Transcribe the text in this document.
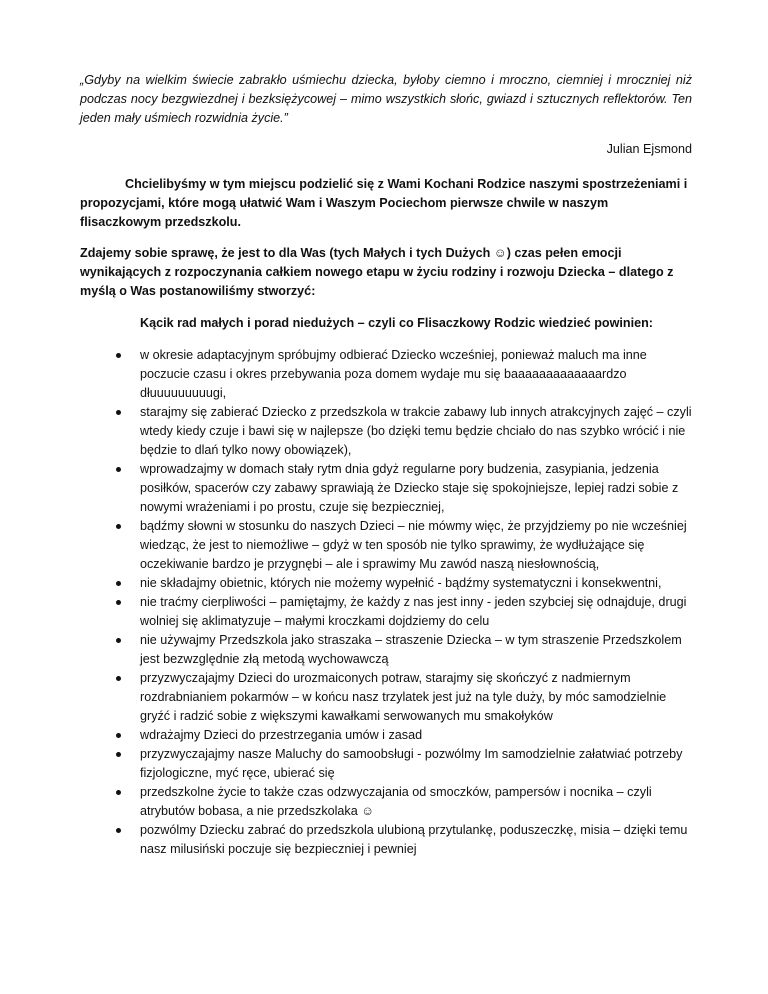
„Gdyby na wielkim świecie zabrakło uśmiechu dziecka, byłoby ciemno i mroczno, ciemniej i mroczniej niż podczas nocy bezgwiezdnej i bezksiężycowej – mimo wszystkich słońc, gwiazd i sztucznych reflektorów. Ten jeden mały uśmiech rozwidnia życie.”

Julian Ejsmond

Chcielibyśmy w tym miejscu podzielić się z Wami Kochani Rodzice naszymi spostrzeżeniami i propozycjami, które mogą ułatwić Wam i Waszym Pociechom pierwsze chwile w naszym flisaczkowym przedszkolu.

Zdajemy sobie sprawę, że jest to dla Was (tych Małych i tych Dużych ☺) czas pełen emocji wynikających z rozpoczynania całkiem nowego etapu w życiu rodziny i rozwoju Dziecka – dlatego z myślą o Was postanowiliśmy stworzyć:

Kącik rad małych i porad niedużych – czyli co Flisaczkowy Rodzic wiedzieć powinien:

w okresie adaptacyjnym spróbujmy odbierać Dziecko wcześniej, ponieważ maluch ma inne poczucie czasu i okres przebywania poza domem wydaje mu się baaaaaaaaaaaaardzo dłuuuuuuuuugi,
starajmy się zabierać Dziecko z przedszkola w trakcie zabawy lub innych atrakcyjnych zajęć – czyli wtedy kiedy czuje i bawi się w najlepsze (bo dzięki temu będzie chciało do nas szybko wrócić i nie będzie to dlań tylko nowy obowiązek),
wprowadzajmy w domach stały rytm dnia gdyż regularne pory budzenia, zasypiania, jedzenia posiłków, spacerów czy zabawy sprawiają że Dziecko staje się spokojniejsze, lepiej radzi sobie z nowymi wrażeniami i po prostu, czuje się bezpieczniej,
bądźmy słowni w stosunku do naszych Dzieci – nie mówmy więc, że przyjdziemy po nie wcześniej wiedząc, że jest to niemożliwe – gdyż w ten sposób nie tylko sprawimy, że wydłużające się oczekiwanie bardzo je przygnębi – ale i sprawimy Mu zawód naszą niesłownością,
nie składajmy obietnic, których nie możemy wypełnić - bądźmy systematyczni i konsekwentni,
nie traćmy cierpliwości – pamiętajmy, że każdy z nas jest inny - jeden szybciej się odnajduje, drugi wolniej się aklimatyzuje – małymi kroczkami dojdziemy do celu
nie używajmy Przedszkola jako straszaka – straszenie Dziecka – w tym straszenie Przedszkolem jest bezwzględnie złą metodą wychowawczą
przyzwyczajajmy Dzieci do urozmaiconych potraw, starajmy się skończyć z nadmiernym rozdrabnianiem pokarmów – w końcu nasz trzylatek jest już na tyle duży, by móc samodzielnie gryźć i radzić sobie z większymi kawałkami serwowanych mu smakołyków
wdrażajmy Dzieci do przestrzegania umów i zasad
przyzwyczajajmy nasze Maluchy do samoobsługi - pozwólmy Im samodzielnie załatwiać potrzeby fizjologiczne, myć ręce, ubierać się
przedszkolne życie to także czas odzwyczajania od smoczków, pampersów i nocnika – czyli atrybutów bobasa, a nie przedszkolaka ☺
pozwólmy Dziecku zabrać do przedszkola ulubioną przytulankę, poduszeczkę, misia – dzięki temu nasz milusiński poczuje się bezpieczniej i pewniej
